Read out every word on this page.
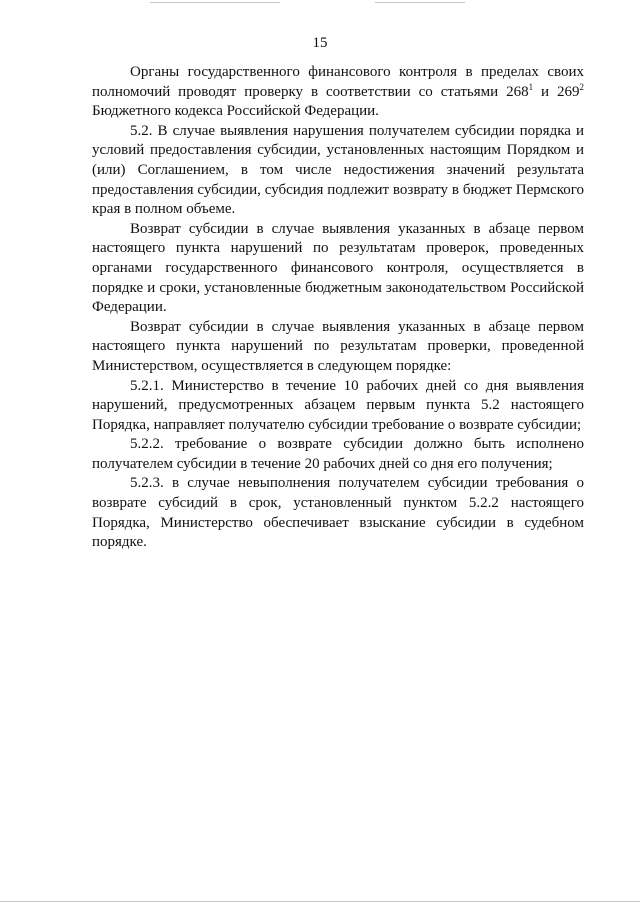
15

Органы государственного финансового контроля в пределах своих полномочий проводят проверку в соответствии со статьями $268^1$ и $269^2$ Бюджетного кодекса Российской Федерации.

5.2. В случае выявления нарушения получателем субсидии порядка и условий предоставления субсидии, установленных настоящим Порядком и (или) Соглашением, в том числе недостижения значений результата предоставления субсидии, субсидия подлежит возврату в бюджет Пермского края в полном объеме.

Возврат субсидии в случае выявления указанных в абзаце первом настоящего пункта нарушений по результатам проверок, проведенных органами государственного финансового контроля, осуществляется в порядке и сроки, установленные бюджетным законодательством Российской Федерации.

Возврат субсидии в случае выявления указанных в абзаце первом настоящего пункта нарушений по результатам проверки, проведенной Министерством, осуществляется в следующем порядке:

5.2.1. Министерство в течение 10 рабочих дней со дня выявления нарушений, предусмотренных абзацем первым пункта 5.2 настоящего Порядка, направляет получателю субсидии требование о возврате субсидии;

5.2.2. требование о возврате субсидии должно быть исполнено получателем субсидии в течение 20 рабочих дней со дня его получения;

5.2.3. в случае невыполнения получателем субсидии требования о возврате субсидий в срок, установленный пунктом 5.2.2 настоящего Порядка, Министерство обеспечивает взыскание субсидии в судебном порядке.
